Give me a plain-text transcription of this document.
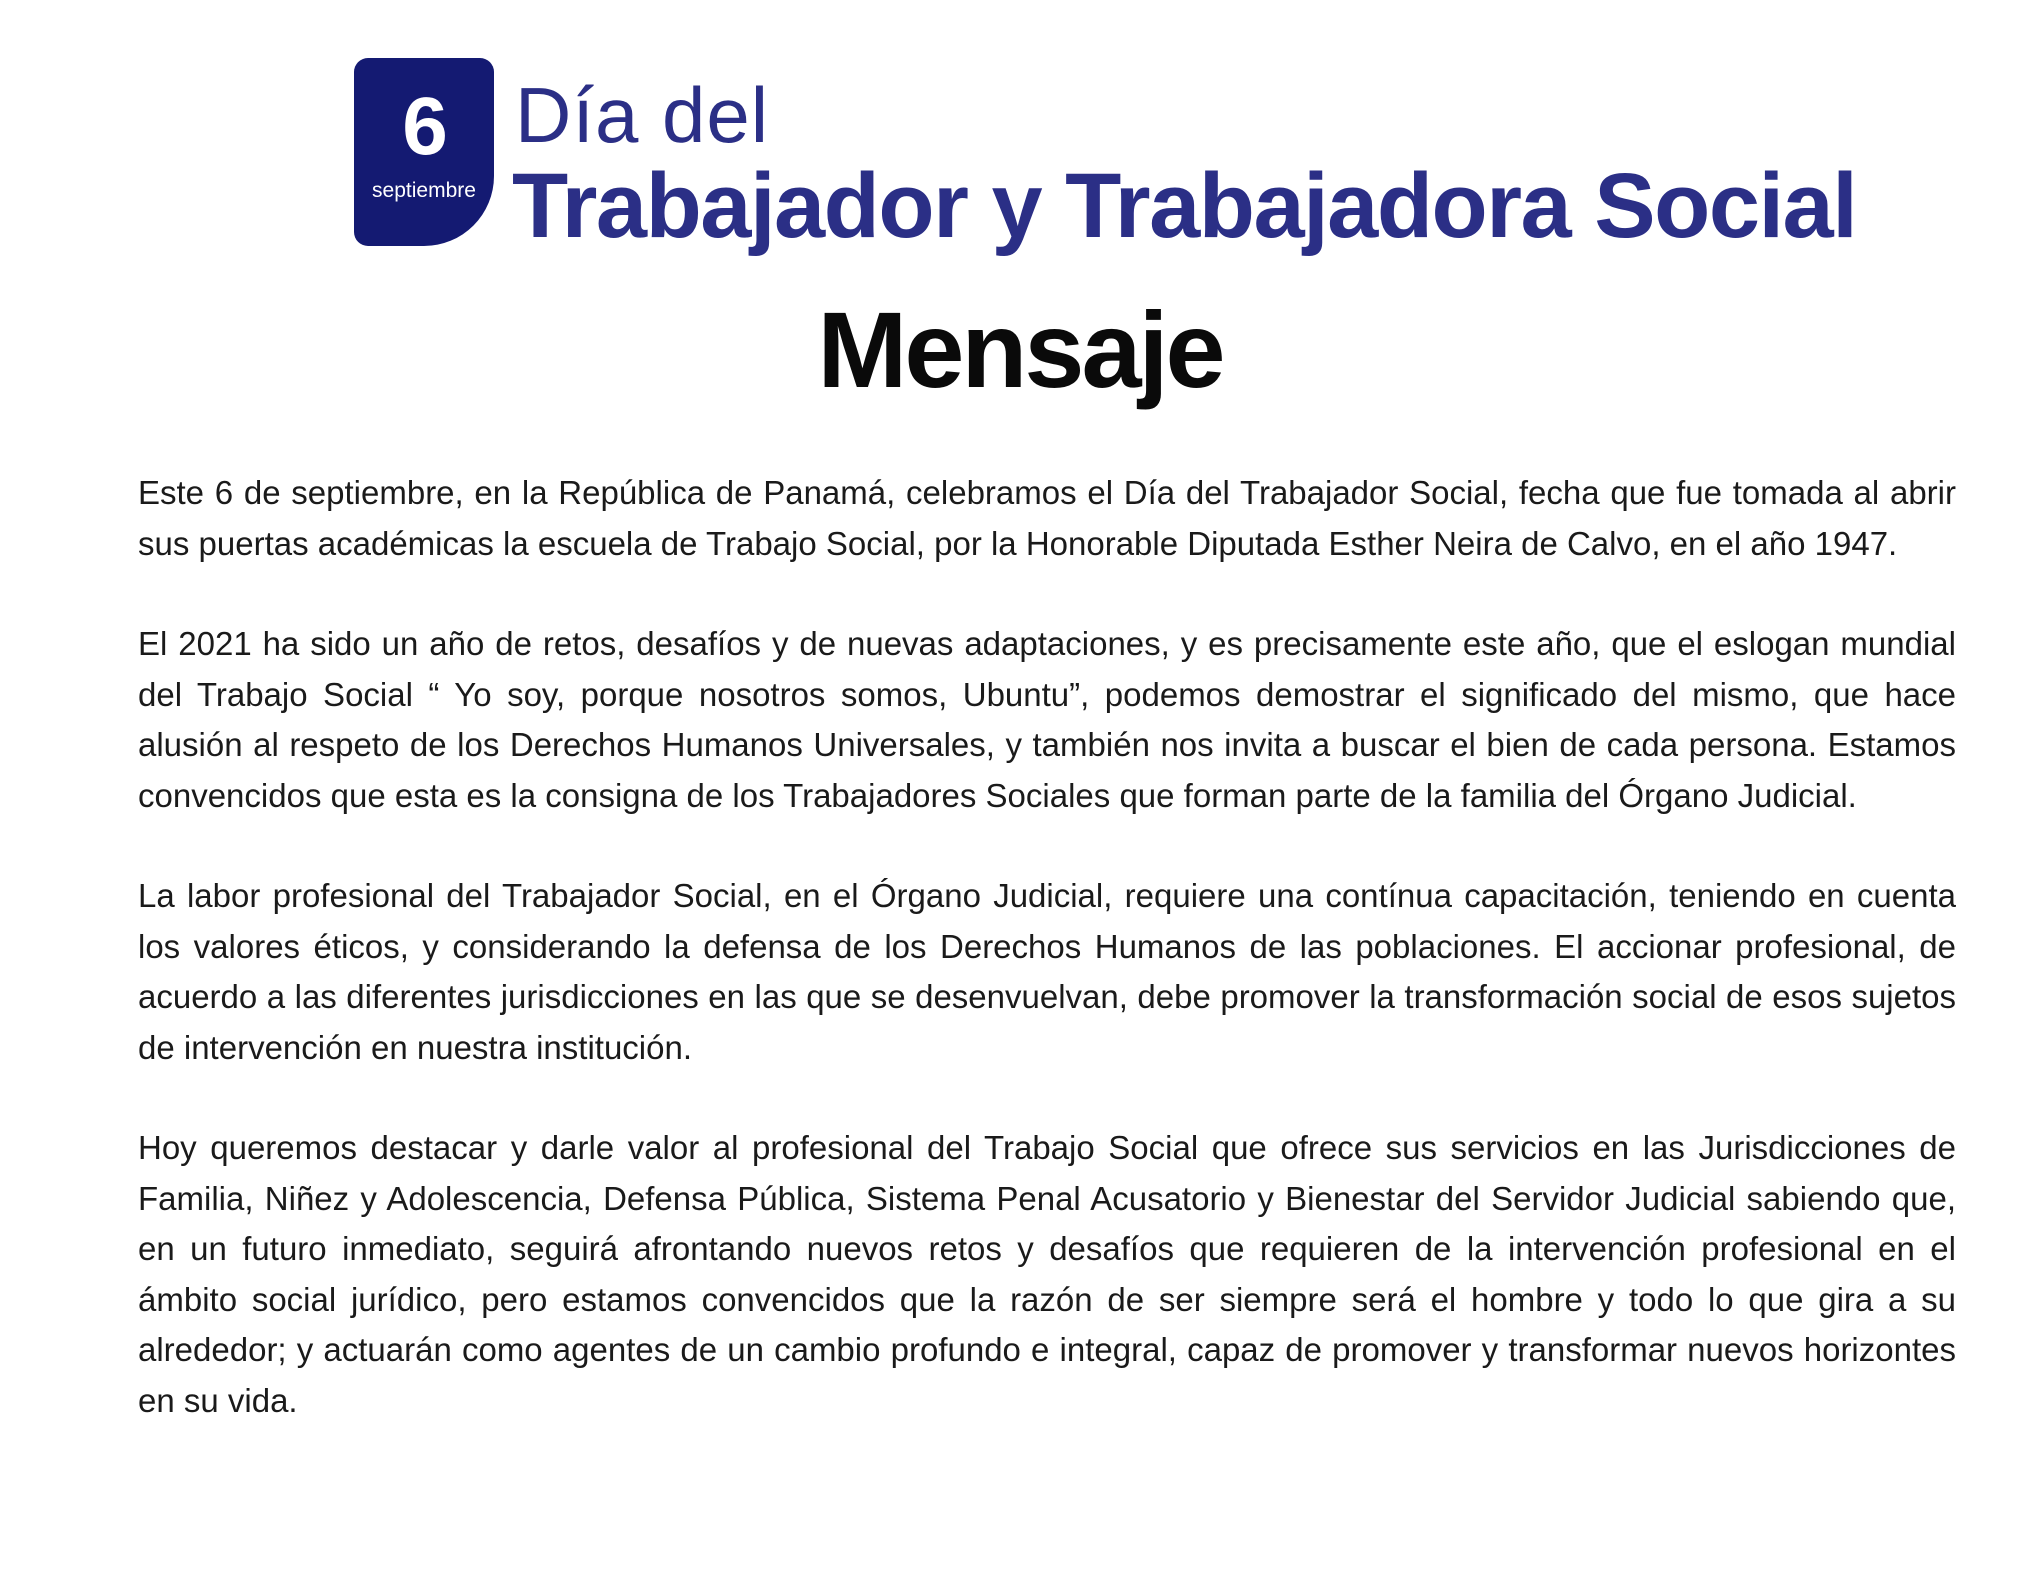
6
septiembre
Día del
Trabajador y Trabajadora Social
Mensaje

Este 6 de septiembre, en la República de Panamá, celebramos el Día del Trabajador Social, fecha que fue tomada al abrir sus puertas académicas la escuela de Trabajo Social, por la Honorable Diputada Esther Neira de Calvo, en el año 1947.

El 2021 ha sido un año de retos, desafíos y de nuevas adaptaciones, y es precisamente este año, que el eslogan mundial del Trabajo Social “ Yo soy, porque nosotros somos, Ubuntu”, podemos demostrar el significado del mismo, que hace alusión al respeto de los Derechos Humanos Universales, y también nos invita a buscar el bien de cada persona. Estamos convencidos que esta es la consigna de los Trabajadores Sociales que forman parte de la familia del Órgano Judicial.

La labor profesional del Trabajador Social, en el Órgano Judicial, requiere una contínua capacitación, teniendo en cuenta los valores éticos, y considerando la defensa de los Derechos Humanos de las poblaciones. El accionar profesional, de acuerdo a las diferentes jurisdicciones en las que se desenvuelvan, debe promover la transformación social de esos sujetos de intervención en nuestra institución.

Hoy queremos destacar y darle valor al profesional del Trabajo Social que ofrece sus servicios en las Jurisdicciones de Familia, Niñez y Adolescencia, Defensa Pública, Sistema Penal Acusatorio y Bienestar del Servidor Judicial sabiendo que, en un futuro inmediato, seguirá afrontando nuevos retos y desafíos que requieren de la intervención profesional en el ámbito social jurídico, pero estamos convencidos que la razón de ser siempre será el hombre y todo lo que gira a su alrededor; y actuarán como agentes de un cambio profundo e integral, capaz de promover y transformar nuevos horizontes en su vida.
